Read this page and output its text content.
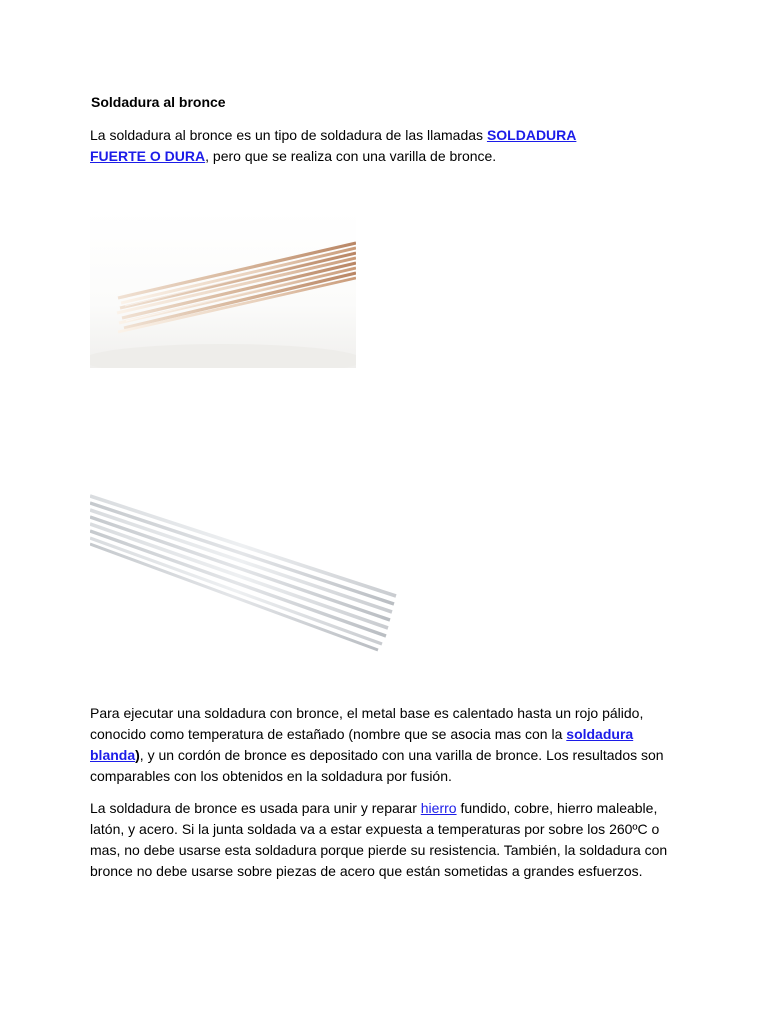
Soldadura al bronce

La soldadura al bronce es un tipo de soldadura de las llamadas SOLDADURA
FUERTE O DURA, pero que se realiza con una varilla de bronce.

Para ejecutar una soldadura con bronce, el metal base es calentado hasta un rojo pálido, conocido como temperatura de estañado (nombre que se asocia mas con la soldadura blanda), y un cordón de bronce es depositado con una varilla de bronce. Los resultados son comparables con los obtenidos en la soldadura por fusión.

La soldadura de bronce es usada para unir y reparar hierro fundido, cobre, hierro maleable, latón, y acero. Si la junta soldada va a estar expuesta a temperaturas por sobre los 260ºC o mas, no debe usarse esta soldadura porque pierde su resistencia. También, la soldadura con bronce no debe usarse sobre piezas de acero que están sometidas a grandes esfuerzos.
